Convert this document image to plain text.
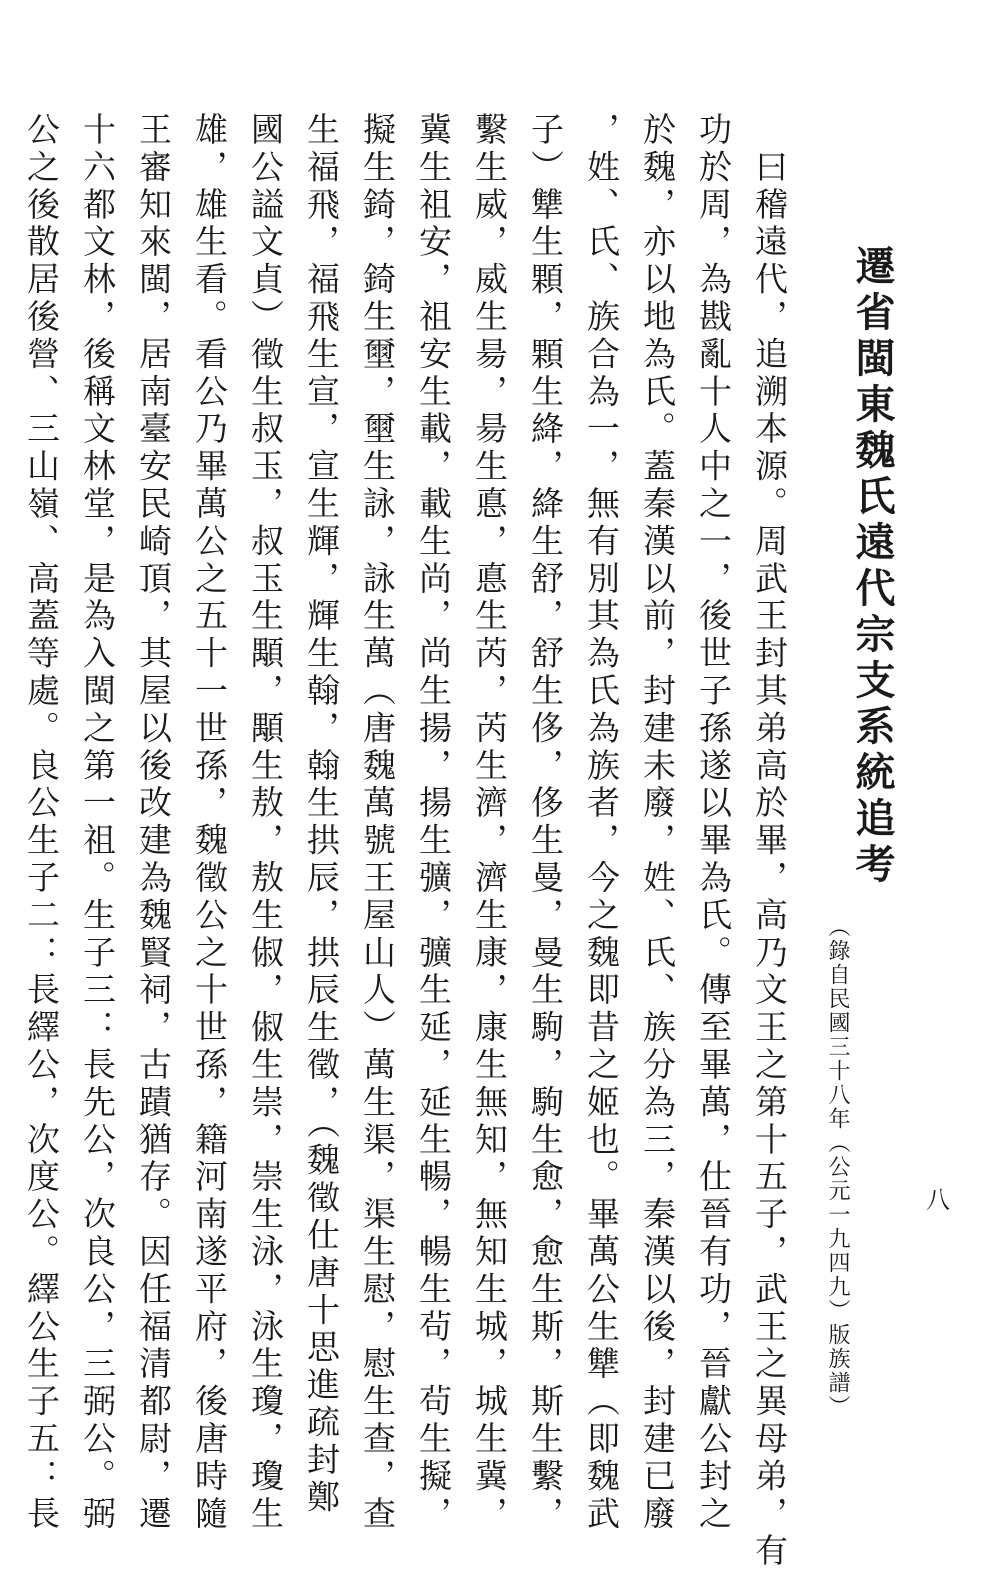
遷省閩東魏氏遠代宗支系統追考
（錄自民國三十八年（公元一九四九）版族譜）	八
　曰稽遠代，追溯本源。周武王封其弟高於畢，高乃文王之第十五子，武王之異母弟，有
功於周，為戡亂十人中之一，後世子孫遂以畢為氏。傳至畢萬，仕晉有功，晉獻公封之
於魏，亦以地為氏。蓋秦漢以前，封建未廢，姓、氏、族分為三，秦漢以後，封建已廢
，姓、氏、族合為一，無有別其為氏為族者，今之魏即昔之姬也。畢萬公生犨（即魏武
子）犨生顆，顆生絳，絳生舒，舒生侈，侈生曼，曼生駒，駒生愈，愈生斯，斯生繫，
繫生威，威生昜，昜生悳，悳生芮，芮生濟，濟生康，康生無知，無知生城，城生冀，
冀生祖安，祖安生載，載生尚，尚生揚，揚生彍，彍生延，延生暢，暢生茍，茍生擬，
擬生錡，錡生壐，壐生詠，詠生萬（唐魏萬號王屋山人）萬生渠，渠生慰，慰生查，查
生福飛，福飛生宣，宣生輝，輝生翰，翰生拱辰，拱辰生徵，（魏徵仕唐十思進疏封鄭
國公謚文貞）徵生叔玉，叔玉生顒，顒生敖，敖生俶，俶生崇，崇生泳，泳生瓊，瓊生
雄，雄生看。看公乃畢萬公之五十一世孫，魏徵公之十世孫，籍河南遂平府，後唐時隨
王審知來閩，居南臺安民崎頂，其屋以後改建為魏賢祠，古蹟猶存。因任福清都尉，遷
十六都文林，後稱文林堂，是為入閩之第一祖。生子三：長先公，次良公，三弼公。弼
公之後散居後營、三山嶺、高蓋等處。良公生子二：長繹公，次度公。繹公生子五：長
